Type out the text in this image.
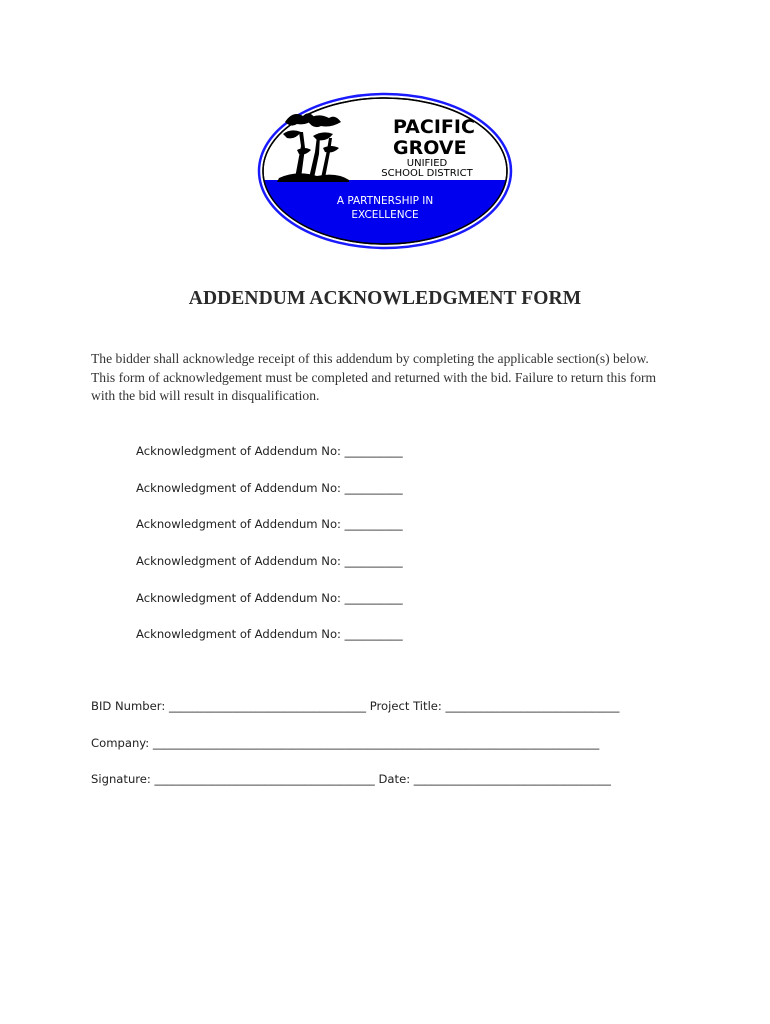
PACIFIC
GROVE
UNIFIED
SCHOOL DISTRICT
A PARTNERSHIP IN
EXCELLENCE
ADDENDUM ACKNOWLEDGMENT FORM
The bidder shall acknowledge receipt of this addendum by completing the applicable section(s) below.
This form of acknowledgement must be completed and returned with the bid. Failure to return this form
with the bid will result in disqualification.
Acknowledgment of Addendum No: __________
Acknowledgment of Addendum No: __________
Acknowledgment of Addendum No: __________
Acknowledgment of Addendum No: __________
Acknowledgment of Addendum No: __________
Acknowledgment of Addendum No: __________
BID Number: __________________________________ Project Title: ______________________________
Company: _____________________________________________________________________________
Signature: ______________________________________ Date: __________________________________
